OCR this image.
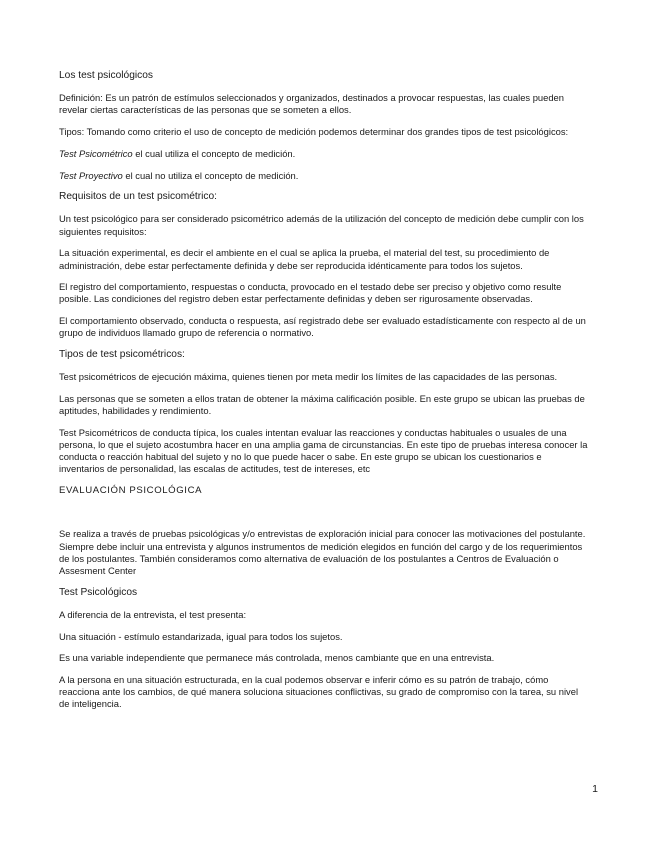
Los test psicológicos

Definición: Es un patrón de estímulos seleccionados y organizados, destinados a provocar respuestas, las cuales pueden revelar ciertas características de las personas que se someten a ellos.

Tipos: Tomando como criterio el uso de concepto de medición podemos determinar dos grandes tipos de test psicológicos:

Test Psicométrico el cual utiliza el concepto de medición.

Test Proyectivo el cual no utiliza el concepto de medición.

Requisitos de un test psicométrico:

Un test psicológico para ser considerado psicométrico además de la utilización del concepto de medición debe cumplir con los siguientes requisitos:

La situación experimental, es decir el ambiente en el cual se aplica la prueba, el material del test, su procedimiento de administración, debe estar perfectamente definida y debe ser reproducida idénticamente para todos los sujetos.

El registro del comportamiento, respuestas o conducta, provocado en el testado debe ser preciso y objetivo como resulte posible. Las condiciones del registro deben estar perfectamente definidas y deben ser rigurosamente observadas.

El comportamiento observado, conducta o respuesta, así registrado debe ser evaluado estadísticamente con respecto al de un grupo de individuos llamado grupo de referencia o normativo.

Tipos de test psicométricos:

Test psicométricos de ejecución máxima, quienes tienen por meta medir los límites de las capacidades de las personas.

Las personas que se someten a ellos tratan de obtener la máxima calificación posible. En este grupo se ubican las pruebas de aptitudes, habilidades y rendimiento.

Test Psicométricos de conducta típica, los cuales intentan evaluar las reacciones y conductas habituales o usuales de una persona, lo que el sujeto acostumbra hacer en una amplia gama de circunstancias. En este tipo de pruebas interesa conocer la conducta o reacción habitual del sujeto y no lo que puede hacer o sabe. En este grupo se ubican los cuestionarios e inventarios de personalidad, las escalas de actitudes, test de intereses, etc

EVALUACIÓN PSICOLÓGICA

Se realiza a través de pruebas psicológicas y/o entrevistas de exploración inicial para conocer las motivaciones del postulante. Siempre debe incluir una entrevista y algunos instrumentos de medición elegidos en función del cargo y de los requerimientos de los postulantes. También consideramos como alternativa de evaluación de los postulantes a Centros de Evaluación o Assesment Center

Test Psicológicos

A diferencia de la entrevista, el test presenta:

Una situación - estímulo estandarizada, igual para todos los sujetos.

Es una variable independiente que permanece más controlada, menos cambiante que en una entrevista.

A la persona en una situación estructurada, en la cual podemos observar e inferir cómo es su patrón de trabajo, cómo reacciona ante los cambios, de qué manera soluciona situaciones conflictivas, su grado de compromiso con la tarea, su nivel de inteligencia.

1
